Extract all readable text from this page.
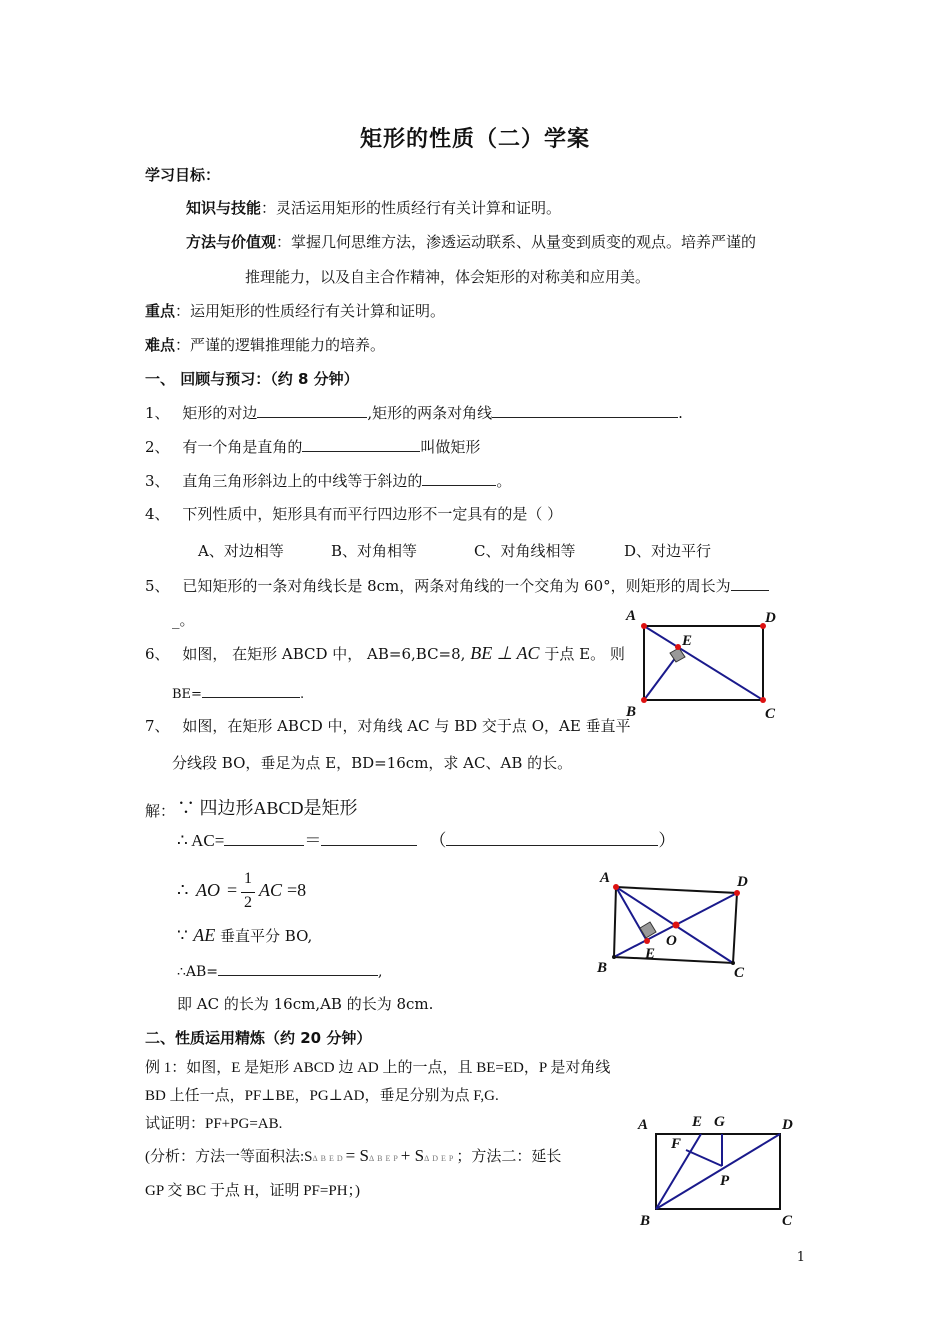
矩形的性质（二）学案
学习目标：
知识与技能：灵活运用矩形的性质经行有关计算和证明。
方法与价值观：掌握几何思维方法，渗透运动联系、从量变到质变的观点。培养严谨的
推理能力，以及自主合作精神，体会矩形的对称美和应用美。
重点：运用矩形的性质经行有关计算和证明。
难点：严谨的逻辑推理能力的培养。
一、 回顾与预习：（约 8 分钟）
1、 矩形的对边	,矩形的两条对角线	.
2、 有一个角是直角的	叫做矩形
3、 直角三角形斜边上的中线等于斜边的	。
4、 下列性质中，矩形具有而平行四边形不一定具有的是（ ）
A、对边相等	B、对角相等	C、对角线相等	D、对边平行
5、 已知矩形的一条对角线长是 8cm，两条对角线的一个交角为 60°，则矩形的周长为
_。
6、 如图， 在矩形 ABCD 中， AB=6,BC=8, BE ⊥ AC 于点 E。 则
BE=	.
7、 如图，在矩形 ABCD 中，对角线 AC 与 BD 交于点 O，AE 垂直平
分线段 BO，垂足为点 E，BD=16cm，求 AC、AB 的长。
A	D
E
B	C
解： ∵ 四边形ABCD是矩形
∴ AC=	＝	（	）
∴ AO =
1
2
AC =8
∵ AE 垂直平分 BO,
∴AB=	,
即 AC 的长为 16cm,AB 的长为 8cm.
A	D
O
E
B	C
二、性质运用精炼（约 20 分钟）
例 1：如图，E 是矩形 ABCD 边 AD 上的一点，且 BE=ED，P 是对角线
BD 上任一点，PF⊥BE，PG⊥AD，垂足分别为点 F,G.
试证明：PF+PG=AB.
(分析：方法一等面积法:SΔBED= SΔBEP+ SΔDEP；方法二：延长
GP 交 BC 于点 H，证明 PF=PH；)
A	E G	D
F
P
B	C
1
